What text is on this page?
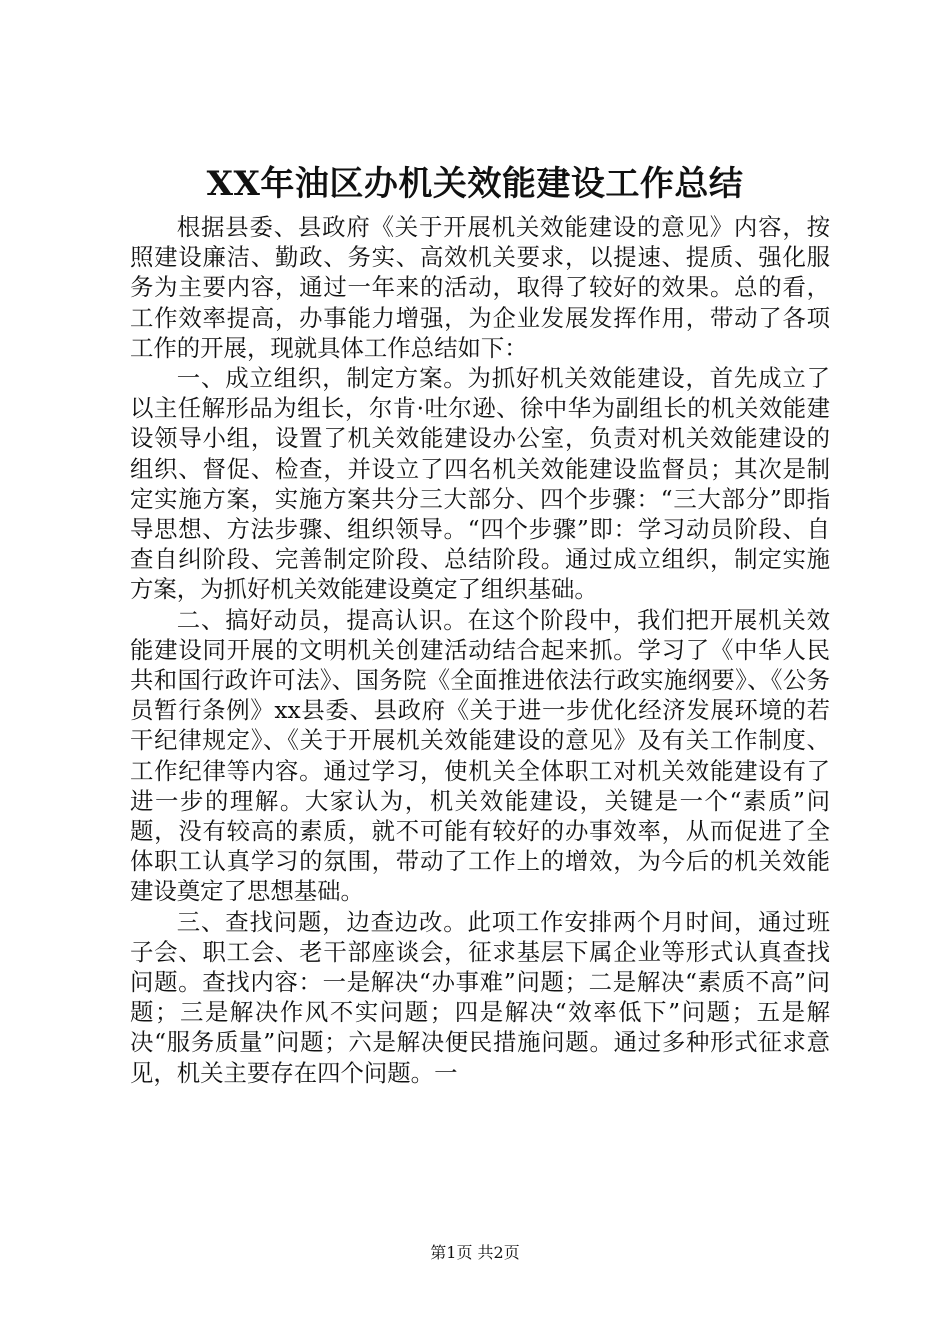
XX年油区办机关效能建设工作总结

根据县委、县政府《关于开展机关效能建设的意见》内容，按照建设廉洁、勤政、务实、高效机关要求，以提速、提质、强化服务为主要内容，通过一年来的活动，取得了较好的效果。总的看，工作效率提高，办事能力增强，为企业发展发挥作用，带动了各项工作的开展，现就具体工作总结如下：

一、成立组织，制定方案。为抓好机关效能建设，首先成立了以主任解形品为组长，尔肯·吐尔逊、徐中华为副组长的机关效能建设领导小组，设置了机关效能建设办公室，负责对机关效能建设的组织、督促、检查，并设立了四名机关效能建设监督员；其次是制定实施方案，实施方案共分三大部分、四个步骤：“三大部分”即指导思想、方法步骤、组织领导。“四个步骤”即：学习动员阶段、自查自纠阶段、完善制定阶段、总结阶段。通过成立组织，制定实施方案，为抓好机关效能建设奠定了组织基础。

二、搞好动员，提高认识。在这个阶段中，我们把开展机关效能建设同开展的文明机关创建活动结合起来抓。学习了《中华人民共和国行政许可法》、国务院《全面推进依法行政实施纲要》、《公务员暂行条例》xx县委、县政府《关于进一步优化经济发展环境的若干纪律规定》、《关于开展机关效能建设的意见》及有关工作制度、工作纪律等内容。通过学习，使机关全体职工对机关效能建设有了进一步的理解。大家认为，机关效能建设，关键是一个“素质”问题，没有较高的素质，就不可能有较好的办事效率，从而促进了全体职工认真学习的氛围，带动了工作上的增效，为今后的机关效能建设奠定了思想基础。

三、查找问题，边查边改。此项工作安排两个月时间，通过班子会、职工会、老干部座谈会，征求基层下属企业等形式认真查找问题。查找内容：一是解决“办事难”问题；二是解决“素质不高”问题；三是解决作风不实问题；四是解决“效率低下”问题；五是解决“服务质量”问题；六是解决便民措施问题。通过多种形式征求意见，机关主要存在四个问题。一

第1页 共2页
